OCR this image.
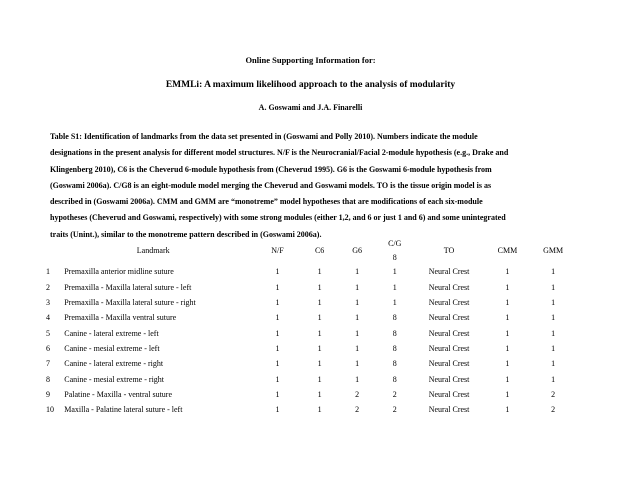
Online Supporting Information for:
EMMLi: A maximum likelihood approach to the analysis of modularity
A. Goswami and J.A. Finarelli
Table S1: Identification of landmarks from the data set presented in (Goswami and Polly 2010). Numbers indicate the module
designations in the present analysis for different model structures. N/F is the Neurocranial/Facial 2-module hypothesis (e.g., Drake and
Klingenberg 2010), C6 is the Cheverud 6-module hypothesis from (Cheverud 1995). G6 is the Goswami 6-module hypothesis from
(Goswami 2006a). C/G8 is an eight-module model merging the Cheverud and Goswami models. TO is the tissue origin model is as
described in (Goswami 2006a). CMM and GMM are “monotreme” model hypotheses that are modifications of each six-module
hypotheses (Cheverud and Goswami, respectively) with some strong modules (either 1,2, and 6 or just 1 and 6) and some unintegrated
traits (Unint.), similar to the monotreme pattern described in (Goswami 2006a).
	Landmark	N/F	C6	G6	C/G	TO	CMM	GMM
					8			
1	Premaxilla anterior midline suture	1	1	1	1	Neural Crest	1	1
2	Premaxilla - Maxilla lateral suture - left	1	1	1	1	Neural Crest	1	1
3	Premaxilla - Maxilla lateral suture - right	1	1	1	1	Neural Crest	1	1
4	Premaxilla - Maxilla ventral suture	1	1	1	8	Neural Crest	1	1
5	Canine - lateral extreme - left	1	1	1	8	Neural Crest	1	1
6	Canine - mesial extreme - left	1	1	1	8	Neural Crest	1	1
7	Canine - lateral extreme - right	1	1	1	8	Neural Crest	1	1
8	Canine - mesial extreme - right	1	1	1	8	Neural Crest	1	1
9	Palatine - Maxilla - ventral suture	1	1	2	2	Neural Crest	1	2
10	Maxilla - Palatine lateral suture - left	1	1	2	2	Neural Crest	1	2
